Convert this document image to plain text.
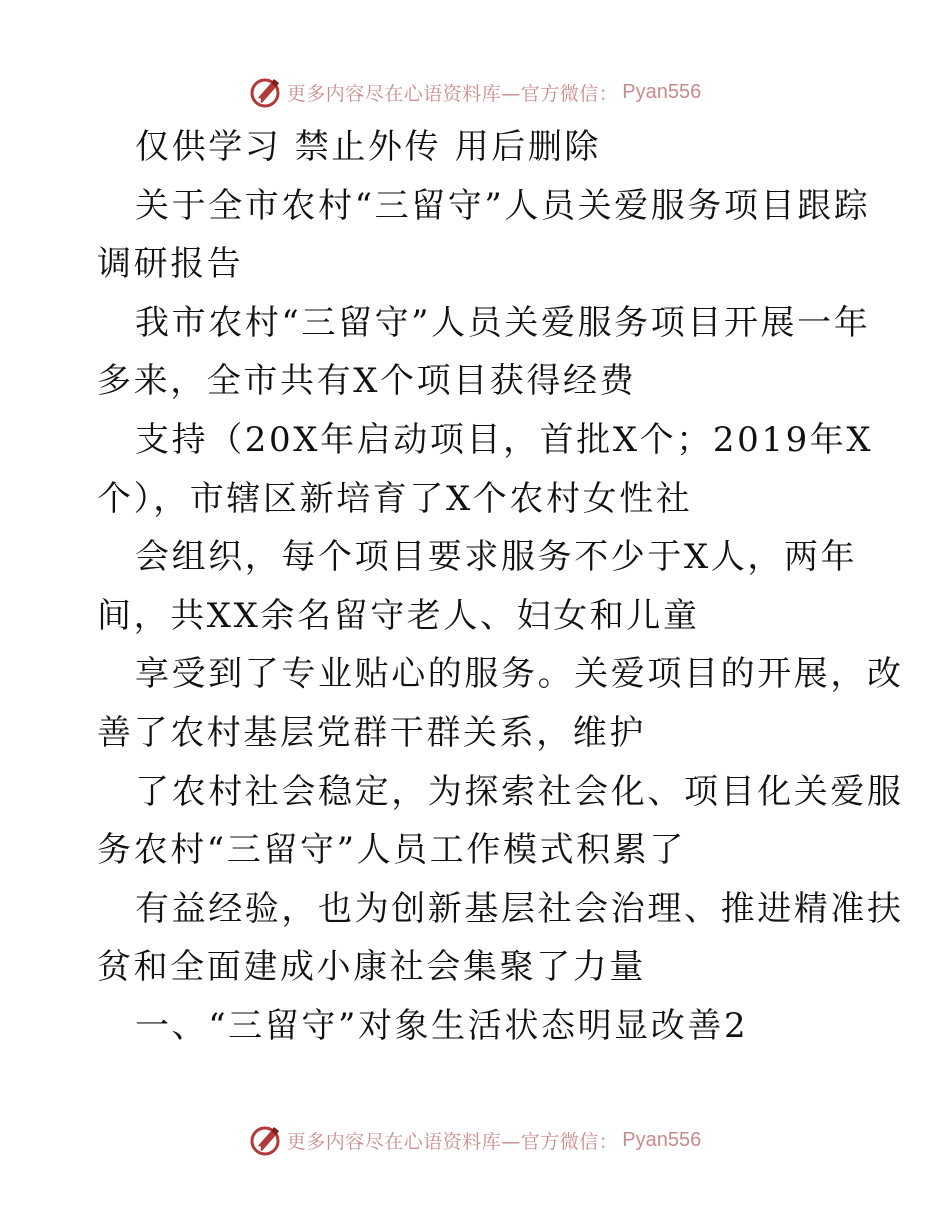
更多内容尽在心语资料库—官方微信： Pyan556
仅供学习 禁止外传 用后删除
关于全市农村“三留守”人员关爱服务项目跟踪
调研报告
我市农村“三留守”人员关爱服务项目开展一年
多来，全市共有X个项目获得经费
支持（20X年启动项目，首批X个；2019年X
个），市辖区新培育了X个农村女性社
会组织，每个项目要求服务不少于X人，两年
间，共XX余名留守老人、妇女和儿童
享受到了专业贴心的服务。关爱项目的开展，改
善了农村基层党群干群关系，维护
了农村社会稳定，为探索社会化、项目化关爱服
务农村“三留守”人员工作模式积累了
有益经验，也为创新基层社会治理、推进精准扶
贫和全面建成小康社会集聚了力量
一、“三留守”对象生活状态明显改善2
更多内容尽在心语资料库—官方微信： Pyan556
